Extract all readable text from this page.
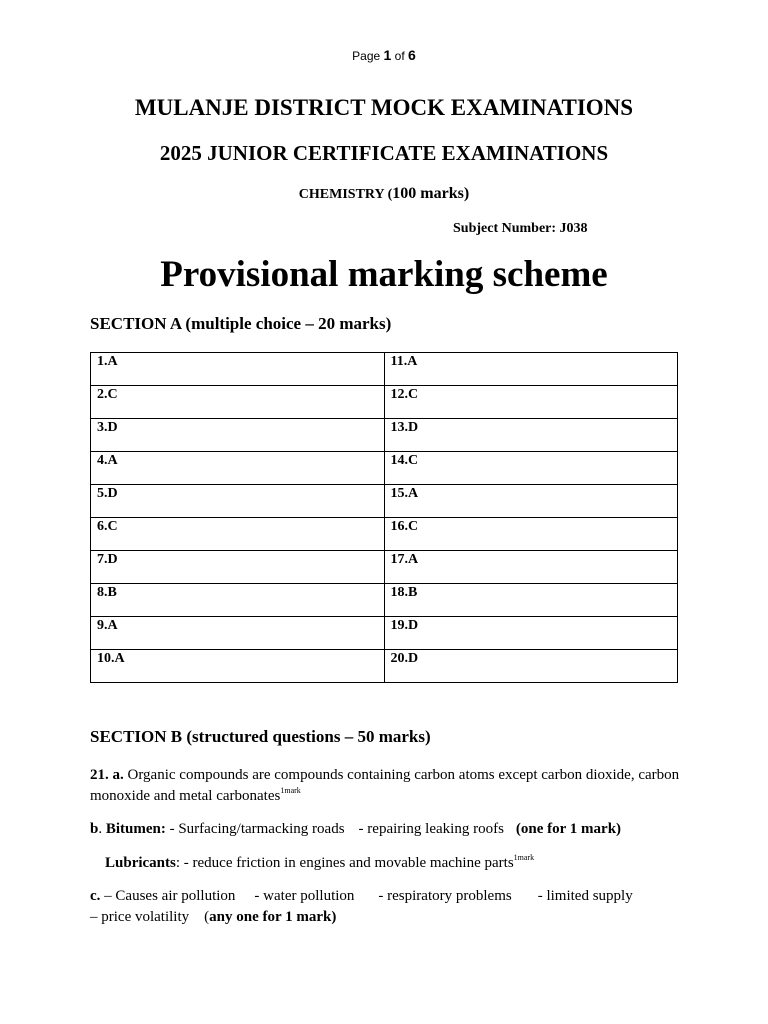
Page 1 of 6
MULANJE DISTRICT MOCK EXAMINATIONS
2025 JUNIOR CERTIFICATE EXAMINATIONS
CHEMISTRY (100 marks)
Subject Number: J038
Provisional marking scheme
SECTION A (multiple choice – 20 marks)
1.A	11.A
2.C	12.C
3.D	13.D
4.A	14.C
5.D	15.A
6.C	16.C
7.D	17.A
8.B	18.B
9.A	19.D
10.A	20.D
SECTION B (structured questions – 50 marks)
21. a. Organic compounds are compounds containing carbon atoms except carbon dioxide, carbon monoxide and metal carbonates$^{1mark}$
b. Bitumen: - Surfacing/tarmacking roads - repairing leaking roofs (one for 1 mark)
Lubricants: - reduce friction in engines and movable machine parts$^{1mark}$
c. – Causes air pollution - water pollution - respiratory problems - limited supply
– price volatility (any one for 1 mark)
